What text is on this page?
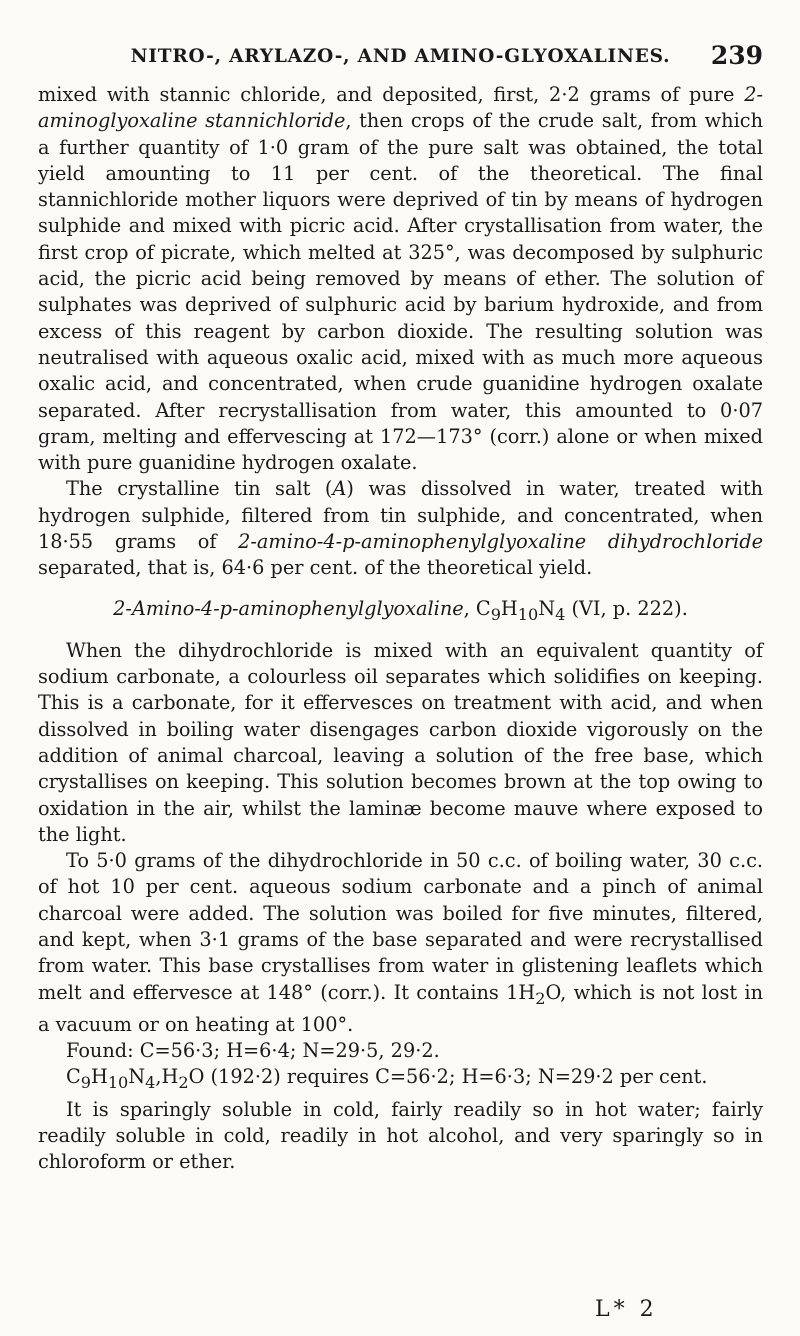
NITRO-, ARYLAZO-, AND AMINO-GLYOXALINES.	239

mixed with stannic chloride, and deposited, first, 2·2 grams of pure 2-aminoglyoxaline stannichloride, then crops of the crude salt, from which a further quantity of 1·0 gram of the pure salt was obtained, the total yield amounting to 11 per cent. of the theoretical. The final stannichloride mother liquors were deprived of tin by means of hydrogen sulphide and mixed with picric acid. After crystallisation from water, the first crop of picrate, which melted at 325°, was decomposed by sulphuric acid, the picric acid being removed by means of ether. The solution of sulphates was deprived of sulphuric acid by barium hydroxide, and from excess of this reagent by carbon dioxide. The resulting solution was neutralised with aqueous oxalic acid, mixed with as much more aqueous oxalic acid, and concentrated, when crude guanidine hydrogen oxalate separated. After recrystallisation from water, this amounted to 0·07 gram, melting and effervescing at 172—173° (corr.) alone or when mixed with pure guanidine hydrogen oxalate.

The crystalline tin salt (A) was dissolved in water, treated with hydrogen sulphide, filtered from tin sulphide, and concentrated, when 18·55 grams of 2-amino-4-p-aminophenylglyoxaline dihydrochloride separated, that is, 64·6 per cent. of the theoretical yield.

2-Amino-4-p-aminophenylglyoxaline, $C_9H_{10}N_4$ (VI, p. 222).

When the dihydrochloride is mixed with an equivalent quantity of sodium carbonate, a colourless oil separates which solidifies on keeping. This is a carbonate, for it effervesces on treatment with acid, and when dissolved in boiling water disengages carbon dioxide vigorously on the addition of animal charcoal, leaving a solution of the free base, which crystallises on keeping. This solution becomes brown at the top owing to oxidation in the air, whilst the laminæ become mauve where exposed to the light.

To 5·0 grams of the dihydrochloride in 50 c.c. of boiling water, 30 c.c. of hot 10 per cent. aqueous sodium carbonate and a pinch of animal charcoal were added. The solution was boiled for five minutes, filtered, and kept, when 3·1 grams of the base separated and were recrystallised from water. This base crystallises from water in glistening leaflets which melt and effervesce at 148° (corr.). It contains $1H_2O$, which is not lost in a vacuum or on heating at 100°.

Found: C=56·3; H=6·4; N=29·5, 29·2.

$C_9H_{10}N_4,H_2O$ (192·2) requires C=56·2; H=6·3; N=29·2 per cent.

It is sparingly soluble in cold, fairly readily so in hot water; fairly readily soluble in cold, readily in hot alcohol, and very sparingly so in chloroform or ether.

L* 2
